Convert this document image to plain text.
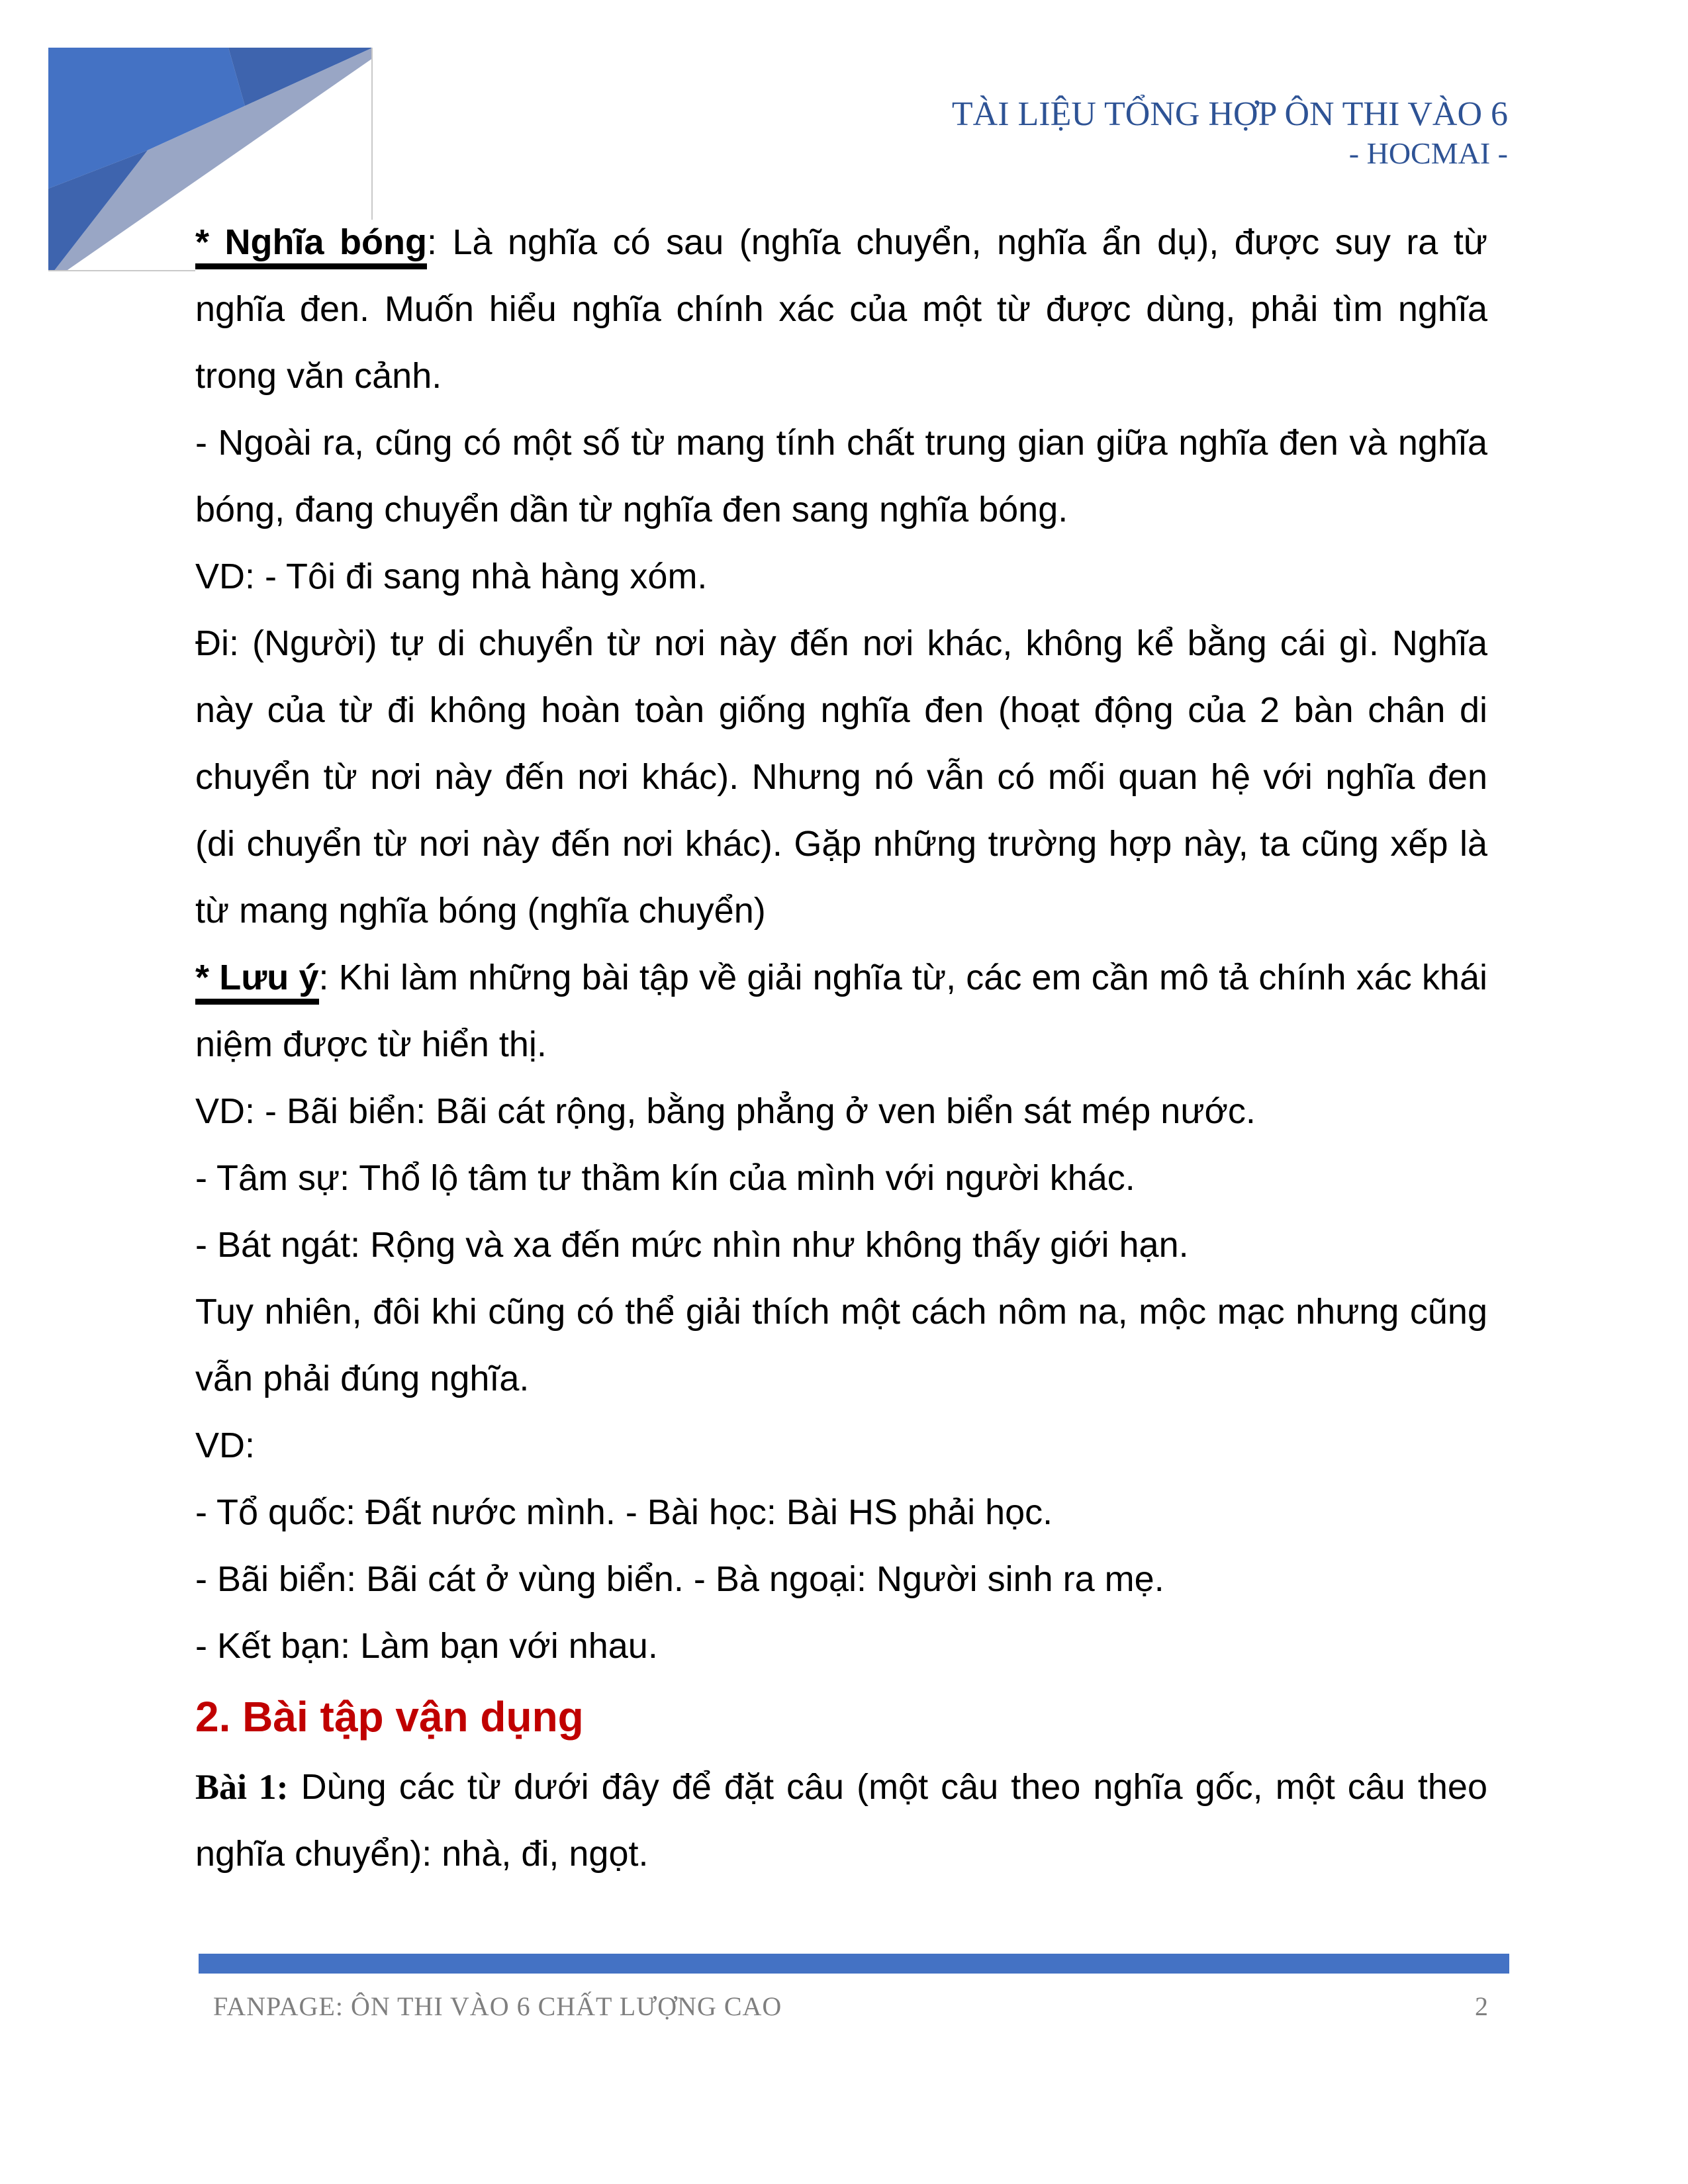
TÀI LIỆU TỔNG HỢP ÔN THI VÀO 6
- HOCMAI -
* Nghĩa bóng: Là nghĩa có sau (nghĩa chuyển, nghĩa ẩn dụ), được suy ra từ nghĩa đen. Muốn hiểu nghĩa chính xác của một từ được dùng, phải tìm nghĩa trong văn cảnh.
- Ngoài ra, cũng có một số từ mang tính chất trung gian giữa nghĩa đen và nghĩa bóng, đang chuyển dần từ nghĩa đen sang nghĩa bóng.
VD: - Tôi đi sang nhà hàng xóm.
Đi: (Người) tự di chuyển từ nơi này đến nơi khác, không kể bằng cái gì. Nghĩa này của từ đi không hoàn toàn giống nghĩa đen (hoạt động của 2 bàn chân di chuyển từ nơi này đến nơi khác). Nhưng nó vẫn có mối quan hệ với nghĩa đen (di chuyển từ nơi này đến nơi khác). Gặp những trường hợp này, ta cũng xếp là từ mang nghĩa bóng (nghĩa chuyển)
* Lưu ý: Khi làm những bài tập về giải nghĩa từ, các em cần mô tả chính xác khái niệm được từ hiển thị.
VD: - Bãi biển: Bãi cát rộng, bằng phẳng ở ven biển sát mép nước.
- Tâm sự: Thổ lộ tâm tư thầm kín của mình với người khác.
- Bát ngát: Rộng và xa đến mức nhìn như không thấy giới hạn.
Tuy nhiên, đôi khi cũng có thể giải thích một cách nôm na, mộc mạc nhưng cũng vẫn phải đúng nghĩa.
VD:
- Tổ quốc: Đất nước mình. - Bài học: Bài HS phải học.
- Bãi biển: Bãi cát ở vùng biển. - Bà ngoại: Người sinh ra mẹ.
- Kết bạn: Làm bạn với nhau.
2. Bài tập vận dụng
Bài 1: Dùng các từ dưới đây để đặt câu (một câu theo nghĩa gốc, một câu theo nghĩa chuyển): nhà, đi, ngọt.
FANPAGE: ÔN THI VÀO 6 CHẤT LƯỢNG CAO	2
